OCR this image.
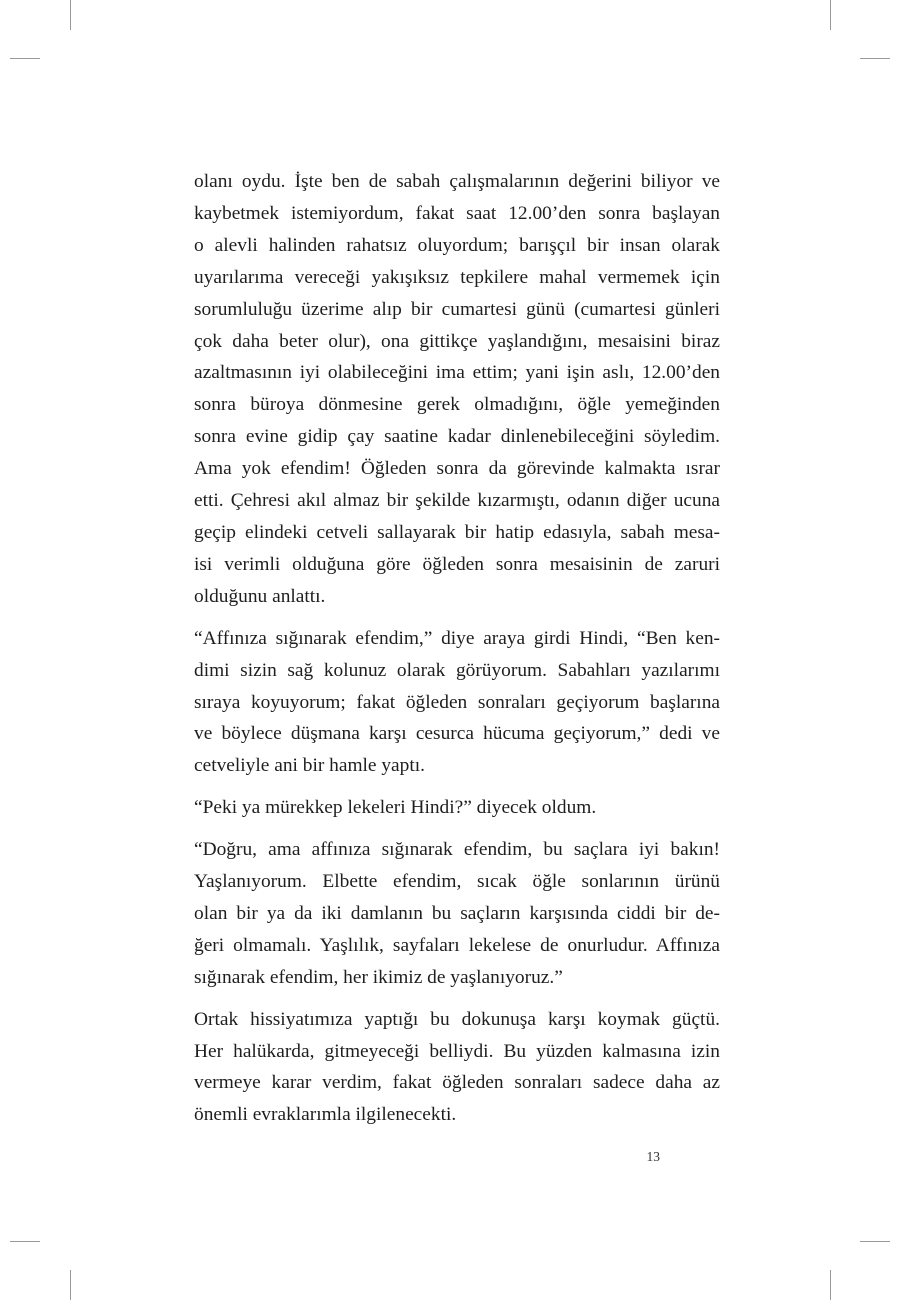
olanı oydu. İşte ben de sabah çalışmalarının değerini biliyor ve
kaybetmek istemiyordum, fakat saat 12.00’den sonra başlayan
o alevli halinden rahatsız oluyordum; barışçıl bir insan olarak
uyarılarıma vereceği yakışıksız tepkilere mahal vermemek için
sorumluluğu üzerime alıp bir cumartesi günü (cumartesi günleri
çok daha beter olur), ona gittikçe yaşlandığını, mesaisini biraz
azaltmasının iyi olabileceğini ima ettim; yani işin aslı, 12.00’den
sonra büroya dönmesine gerek olmadığını, öğle yemeğinden
sonra evine gidip çay saatine kadar dinlenebileceğini söyledim.
Ama yok efendim! Öğleden sonra da görevinde kalmakta ısrar
etti. Çehresi akıl almaz bir şekilde kızarmıştı, odanın diğer ucuna
geçip elindeki cetveli sallayarak bir hatip edasıyla, sabah mesa-
isi verimli olduğuna göre öğleden sonra mesaisinin de zaruri
olduğunu anlattı.

“Affınıza sığınarak efendim,” diye araya girdi Hindi, “Ben ken-
dimi sizin sağ kolunuz olarak görüyorum. Sabahları yazılarımı
sıraya koyuyorum; fakat öğleden sonraları geçiyorum başlarına
ve böylece düşmana karşı cesurca hücuma geçiyorum,” dedi ve
cetveliyle ani bir hamle yaptı.

“Peki ya mürekkep lekeleri Hindi?” diyecek oldum.

“Doğru, ama affınıza sığınarak efendim, bu saçlara iyi bakın!
Yaşlanıyorum. Elbette efendim, sıcak öğle sonlarının ürünü
olan bir ya da iki damlanın bu saçların karşısında ciddi bir de-
ğeri olmamalı. Yaşlılık, sayfaları lekelese de onurludur. Affınıza
sığınarak efendim, her ikimiz de yaşlanıyoruz.”

Ortak hissiyatımıza yaptığı bu dokunuşa karşı koymak güçtü.
Her halükarda, gitmeyeceği belliydi. Bu yüzden kalmasına izin
vermeye karar verdim, fakat öğleden sonraları sadece daha az
önemli evraklarımla ilgilenecekti.

13
